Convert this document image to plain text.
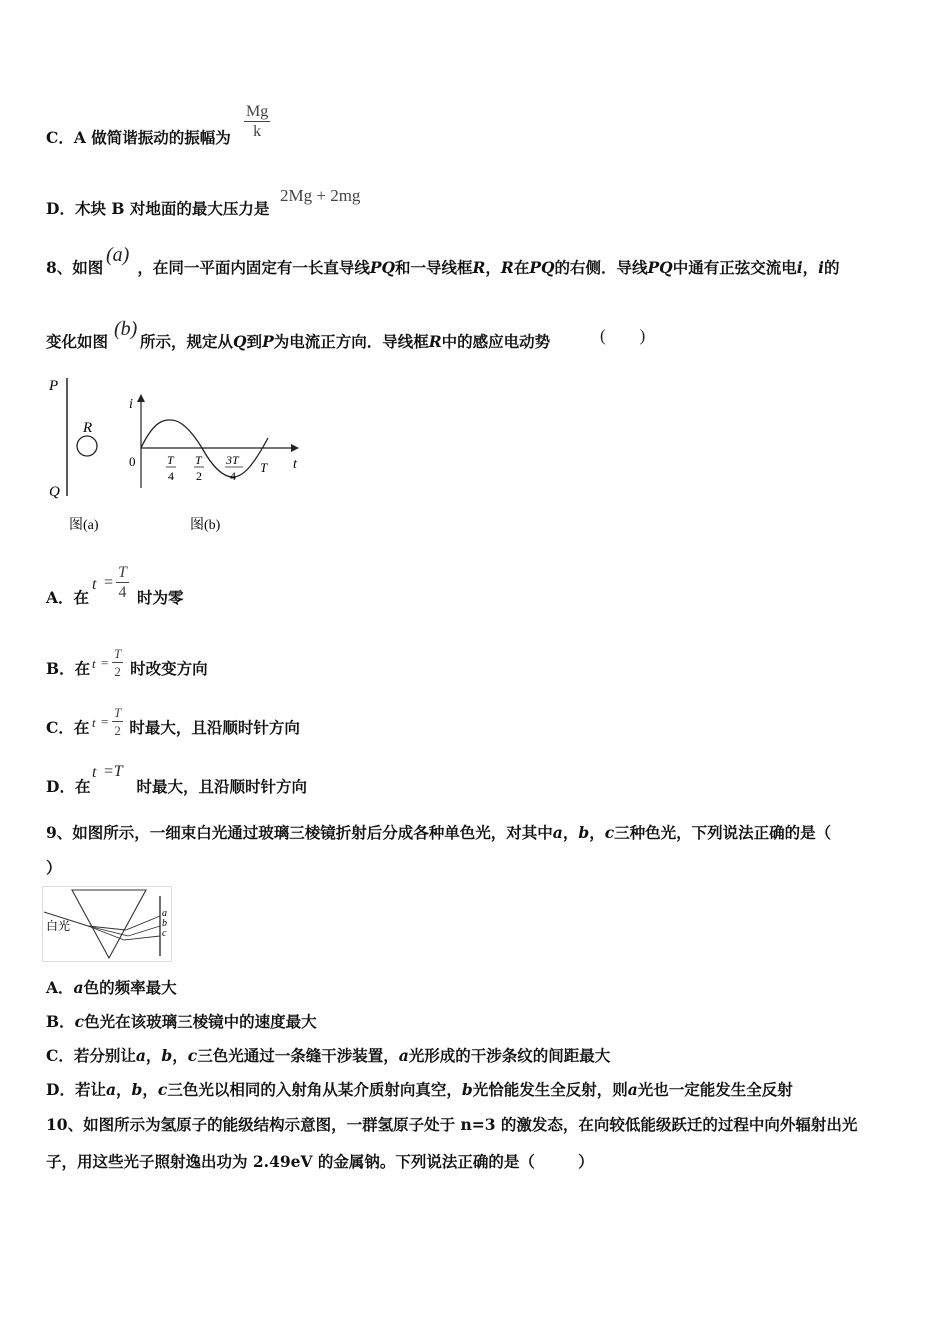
C．A 做简谐振动的振幅为 $\frac{Mg}{k}$
D．木块 B 对地面的最大压力是
2Mg + 2mg
8、如图 ，在同一平面内固定有一长直导线PQ和一导线框R，R在PQ的右侧．导线PQ中通有正弦交流电i，i的
(a)
变化如图 所示，规定从Q到P为电流正方向．导线框R中的感应电动势
(b)	(        )
P
Q
R
i
t
0	T
4
T
2
3T
4
T
图(a)	图(b)
A．在	时为零
$t = \frac{T}{4}$
B．在	时改变方向
$t = \frac{T}{2}$
C．在	时最大，且沿顺时针方向
$t = \frac{T}{2}$
D．在	时最大，且沿顺时针方向
t =T
9、如图所示，一细束白光通过玻璃三棱镜折射后分成各种单色光，对其中a，b，c三种色光，下列说法正确的是（
）
白光
a
b
c
A．a色的频率最大
B．c色光在该玻璃三棱镜中的速度最大
C．若分别让a，b，c三色光通过一条缝干涉装置，a光形成的干涉条纹的间距最大
D．若让a，b，c三色光以相同的入射角从某介质射向真空，b光恰能发生全反射，则a光也一定能发生全反射
10、如图所示为氢原子的能级结构示意图，一群氢原子处于 n=3 的激发态，在向较低能级跃迁的过程中向外辐射出光
子，用这些光子照射逸出功为 2.49eV 的金属钠。下列说法正确的是（        ）
